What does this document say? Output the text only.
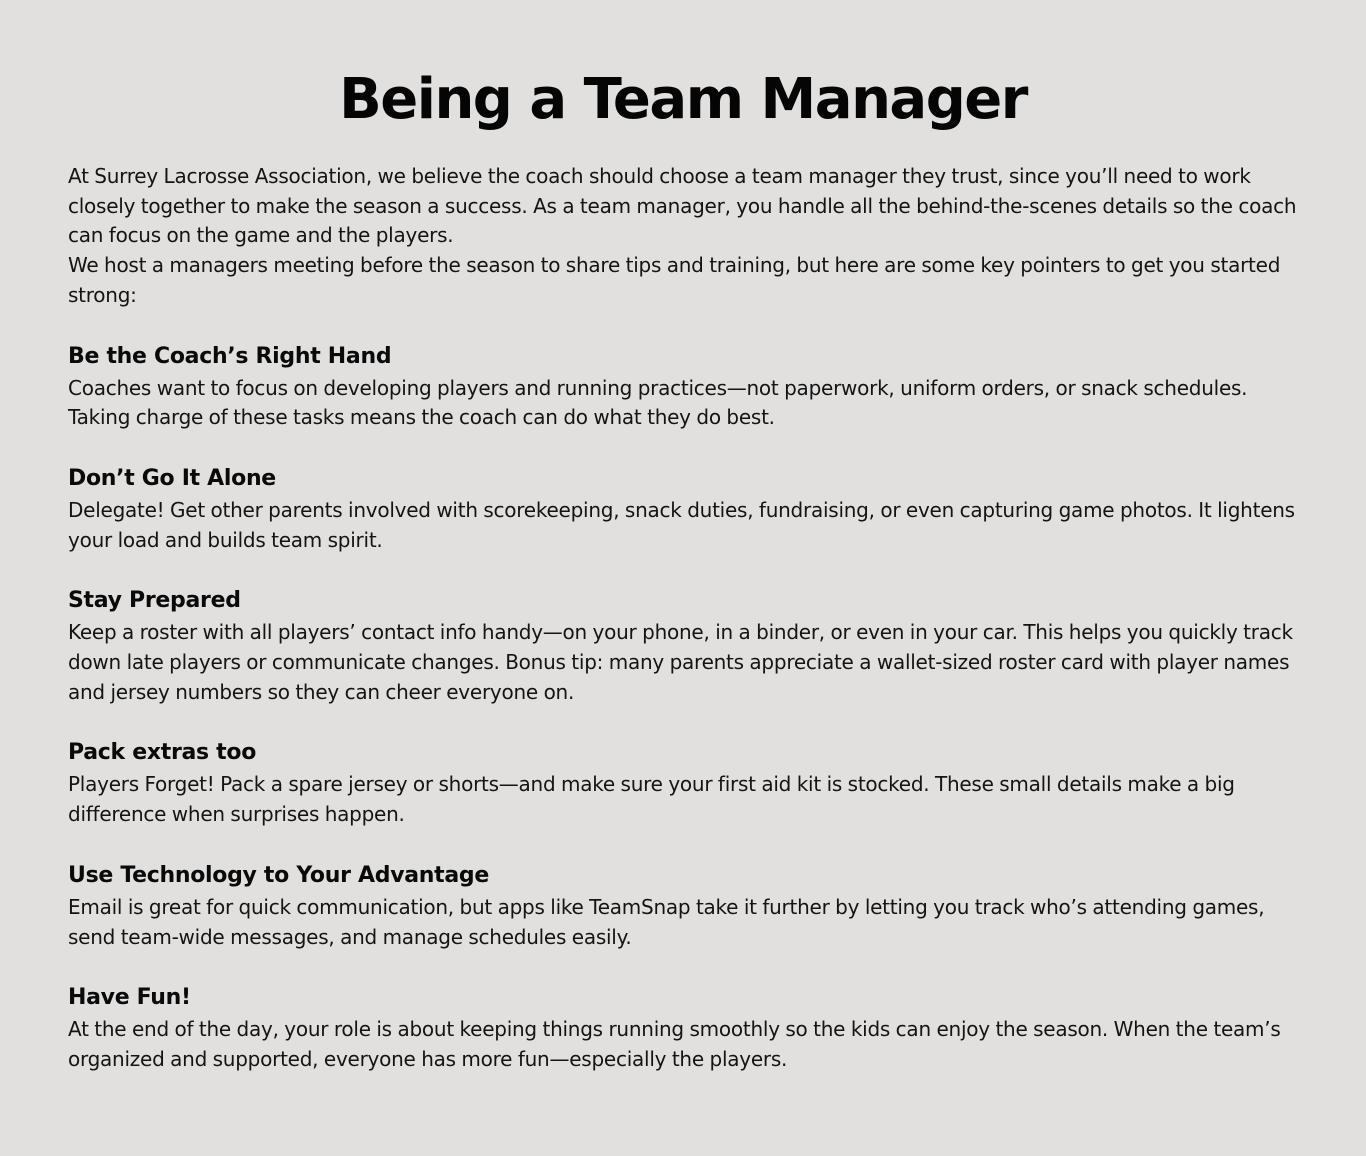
Being a Team Manager

At Surrey Lacrosse Association, we believe the coach should choose a team manager they trust, since you’ll need to work closely together to make the season a success. As a team manager, you handle all the behind-the-scenes details so the coach can focus on the game and the players.

We host a managers meeting before the season to share tips and training, but here are some key pointers to get you started strong:

Be the Coach’s Right Hand

Coaches want to focus on developing players and running practices—not paperwork, uniform orders, or snack schedules. Taking charge of these tasks means the coach can do what they do best.

Don’t Go It Alone

Delegate! Get other parents involved with scorekeeping, snack duties, fundraising, or even capturing game photos. It lightens your load and builds team spirit.

Stay Prepared

Keep a roster with all players’ contact info handy—on your phone, in a binder, or even in your car. This helps you quickly track down late players or communicate changes. Bonus tip: many parents appreciate a wallet-sized roster card with player names and jersey numbers so they can cheer everyone on.

Pack extras too

Players Forget! Pack a spare jersey or shorts—and make sure your first aid kit is stocked. These small details make a big difference when surprises happen.

Use Technology to Your Advantage

Email is great for quick communication, but apps like TeamSnap take it further by letting you track who’s attending games, send team-wide messages, and manage schedules easily.

Have Fun!

At the end of the day, your role is about keeping things running smoothly so the kids can enjoy the season. When the team’s organized and supported, everyone has more fun—especially the players.
